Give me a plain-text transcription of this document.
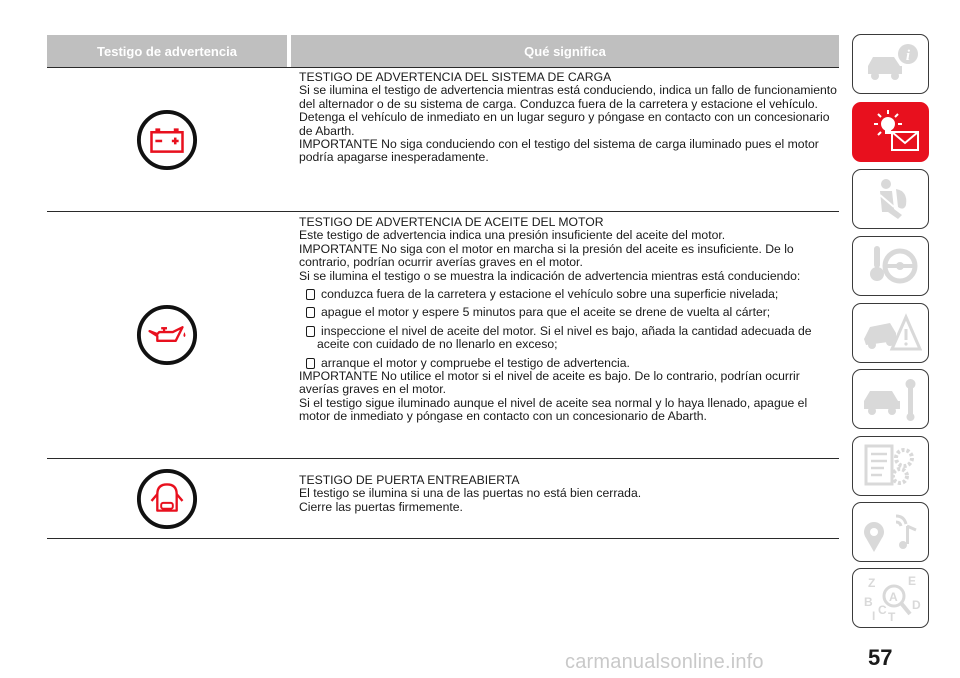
Testigo de advertencia	Qué significa

TESTIGO DE ADVERTENCIA DEL SISTEMA DE CARGA

Si se ilumina el testigo de advertencia mientras está conduciendo, indica un fallo de funcionamiento del alternador o de su sistema de carga. Conduzca fuera de la carretera y estacione el vehículo. Detenga el vehículo de inmediato en un lugar seguro y póngase en contacto con un concesionario de Abarth.

IMPORTANTE No siga conduciendo con el testigo del sistema de carga iluminado pues el motor podría apagarse inesperadamente.

TESTIGO DE ADVERTENCIA DE ACEITE DEL MOTOR

Este testigo de advertencia indica una presión insuficiente del aceite del motor.

IMPORTANTE No siga con el motor en marcha si la presión del aceite es insuficiente. De lo contrario, podrían ocurrir averías graves en el motor.

Si se ilumina el testigo o se muestra la indicación de advertencia mientras está conduciendo:

conduzca fuera de la carretera y estacione el vehículo sobre una superficie nivelada;

apague el motor y espere 5 minutos para que el aceite se drene de vuelta al cárter;

inspeccione el nivel de aceite del motor. Si el nivel es bajo, añada la cantidad adecuada de aceite con cuidado de no llenarlo en exceso;

arranque el motor y compruebe el testigo de advertencia.

IMPORTANTE No utilice el motor si el nivel de aceite es bajo. De lo contrario, podrían ocurrir averías graves en el motor.

Si el testigo sigue iluminado aunque el nivel de aceite sea normal y lo haya llenado, apague el motor de inmediato y póngase en contacto con un concesionario de Abarth.

TESTIGO DE PUERTA ENTREABIERTA

El testigo se ilumina si una de las puertas no está bien cerrada.

Cierre las puertas firmemente.

i
Z	E
A
B
C D
I T
carmanualsonline.info	57
